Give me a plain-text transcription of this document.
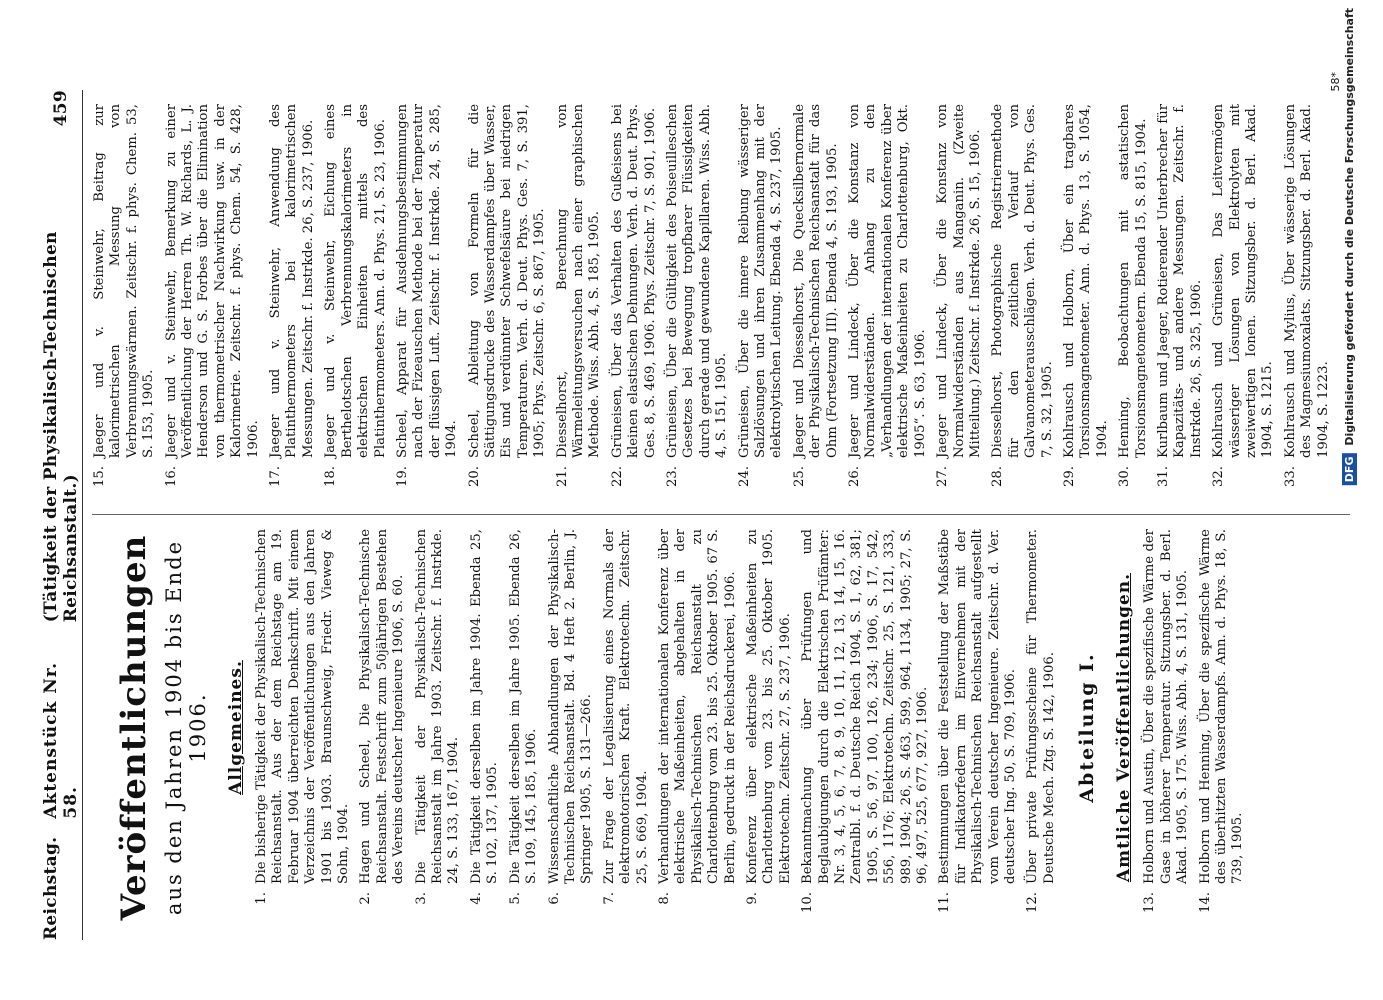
Reichstag.
Aktenstück Nr. 58.
(Tätigkeit der Physikalisch-Technischen Reichsanstalt.)
459
Veröffentlichungen aus den Jahren 1904 bis Ende 1906. Allgemeines.
1.
Die bisherige Tätigkeit der Physikalisch-Technischen Reichsanstalt. Aus der dem Reichstage am 19. Februar 1904 überreichten Denkschrift. Mit einem Verzeichnis der Veröffentlichungen aus den Jahren 1901 bis 1903. Braunschweig, Friedr. Vieweg & Sohn, 1904.
2.
Hagen und Scheel, Die Physikalisch-Technische Reichsanstalt. Festschrift zum 50jährigen Bestehen des Vereins deutscher Ingenieure 1906, S. 60.
3.
Die Tätigkeit der Physikalisch-Technischen Reichsanstalt im Jahre 1903. Zeitschr. f. Instrkde. 24, S. 133, 167, 1904.
4.
Die Tätigkeit derselben im Jahre 1904. Ebenda 25, S. 102, 137, 1905.
5.
Die Tätigkeit derselben im Jahre 1905. Ebenda 26, S. 109, 145, 185, 1906.
6.
Wissenschaftliche Abhandlungen der Physikalisch-Technischen Reichsanstalt. Bd. 4 Heft 2. Berlin, J. Springer 1905, S. 131—266.
7.
Zur Frage der Legalisierung eines Normals der elektromotorischen Kraft. Elektrotechn. Zeitschr. 25, S. 669, 1904.
8.
Verhandlungen der internationalen Konferenz über elektrische Maßeinheiten, abgehalten in der Physikalisch-Technischen Reichsanstalt zu Charlottenburg vom 23. bis 25. Oktober 1905. 67 S. Berlin, gedruckt in der Reichsdruckerei, 1906.
9.
Konferenz über elektrische Maßeinheiten zu Charlottenburg vom 23. bis 25. Oktober 1905. Elektrotechn. Zeitschr. 27, S. 237, 1906.
10.
Bekanntmachung über Prüfungen und Beglaubigungen durch die Elektrischen Prüfämter: Nr. 3, 4, 5, 6, 7, 8, 9, 10, 11, 12, 13, 14, 15, 16. Zentralbl. f. d. Deutsche Reich 1904, S. 1, 62, 381; 1905, S. 56, 97, 100, 126, 234; 1906, S. 17, 542, 556, 1176; Elektrotechn. Zeitschr. 25, S. 121, 333, 989, 1904; 26, S. 463, 599, 964, 1134, 1905; 27, S. 96, 497, 525, 677, 927, 1906.
11.
Bestimmungen über die Feststellung der Maßstäbe für Indikatorfedern im Einvernehmen mit der Physikalisch-Technischen Reichsanstalt aufgestellt vom Verein deutscher Ingenieure. Zeitschr. d. Ver. deutscher Ing. 50, S. 709, 1906.
12.
Über private Prüfungsscheine für Thermometer. Deutsche Mech. Ztg. S. 142, 1906. Abteilung I. Amtliche Veröffentlichungen.
13.
Holborn und Austin, Über die spezifische Wärme der Gase in höherer Temperatur. Sitzungsber. d. Berl. Akad. 1905, S. 175. Wiss. Abh. 4, S. 131, 1905.
14.
Holborn und Henning, Über die spezifische Wärme des überhitzten Wasserdampfs. Ann. d. Phys. 18, S. 739, 1905.
15.
Jaeger und v. Steinwehr, Beitrag zur kalorimetrischen Messung von Verbrennungswärmen. Zeitschr. f. phys. Chem. 53, S. 153, 1905.
16.
Jaeger und v. Steinwehr, Bemerkung zu einer Veröffentlichung der Herren Th. W. Richards, L. J. Henderson und G. S. Forbes über die Elimination von thermometrischer Nachwirkung usw. in der Kalorimetrie. Zeitschr. f. phys. Chem. 54, S. 428, 1906.
17.
Jaeger und v. Steinwehr, Anwendung des Platinthermometers bei kalorimetrischen Messungen. Zeitschr. f. Instrkde. 26, S. 237, 1906.
18.
Jaeger und v. Steinwehr, Eichung eines Berthelotschen Verbrennungskalorimeters in elektrischen Einheiten mittels des Platinthermometers. Ann. d. Phys. 21, S. 23, 1906.
19.
Scheel, Apparat für Ausdehnungsbestimmungen nach der Fizeauschen Methode bei der Temperatur der flüssigen Luft. Zeitschr. f. Instrkde. 24, S. 285, 1904.
20.
Scheel, Ableitung von Formeln für die Sättigungsdrucke des Wasserdampfes über Wasser, Eis und verdünnter Schwefelsäure bei niedrigen Temperaturen. Verh. d. Deut. Phys. Ges. 7, S. 391, 1905; Phys. Zeitschr. 6, S. 867, 1905.
21.
Diesselhorst, Berechnung von Wärmeleitungsversuchen nach einer graphischen Methode. Wiss. Abh. 4, S. 185, 1905.
22.
Grüneisen, Über das Verhalten des Gußeisens bei kleinen elastischen Dehnungen. Verh. d. Deut. Phys. Ges. 8, S. 469, 1906. Phys. Zeitschr. 7, S. 901, 1906.
23.
Grüneisen, Über die Gültigkeit des Poiseuilleschen Gesetzes bei Bewegung tropfbarer Flüssigkeiten durch gerade und gewundene Kapillaren. Wiss. Abh. 4, S. 151, 1905.
24.
Grüneisen, Über die innere Reibung wässeriger Salzlösungen und ihren Zusammenhang mit der elektrolytischen Leitung. Ebenda 4, S. 237, 1905.
25.
Jaeger und Diesselhorst, Die Quecksilbernormale der Physikalisch-Technischen Reichsanstalt für das Ohm (Fortsetzung III). Ebenda 4, S. 193, 1905.
26.
Jaeger und Lindeck, Über die Konstanz von Normalwiderständen. Anhang zu den „Verhandlungen der internationalen Konferenz über elektrische Maßeinheiten zu Charlottenburg, Okt. 1905“. S. 63, 1906.
27.
Jaeger und Lindeck, Über die Konstanz von Normalwiderständen aus Manganin. (Zweite Mitteilung.) Zeitschr. f. Instrkde. 26, S. 15, 1906.
28.
Diesselhorst, Photographische Registriermethode für den zeitlichen Verlauf von Galvanometerausschlägen. Verh. d. Deut. Phys. Ges. 7, S. 32, 1905.
29.
Kohlrausch und Holborn, Über ein tragbares Torsionsmagnetometer. Ann. d. Phys. 13, S. 1054, 1904.
30.
Henning, Beobachtungen mit astatischen Torsionsmagnetometern. Ebenda 15, S. 815, 1904.
31.
Kurlbaum und Jaeger, Rotierender Unterbrecher für Kapazitäts- und andere Messungen. Zeitschr. f. Instrkde. 26, S. 325, 1906.
32.
Kohlrausch und Grüneisen, Das Leitvermögen wässeriger Lösungen von Elektrolyten mit zweiwertigen Ionen. Sitzungsber. d. Berl. Akad. 1904, S. 1215.
33.
Kohlrausch und Mylius, Über wässerige Lösungen des Magnesiumoxalats. Sitzungsber. d. Berl. Akad. 1904, S. 1223.
58*
DFG Digitalisierung gefördert durch die Deutsche Forschungsgemeinschaft
